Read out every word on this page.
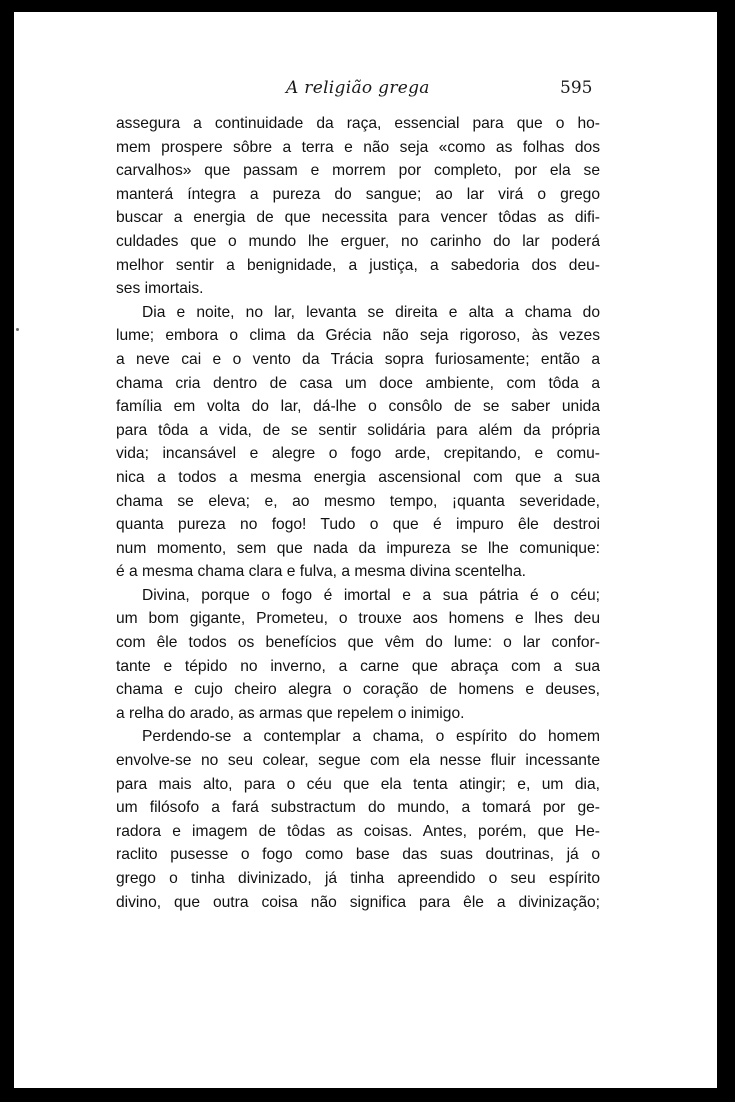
A religião grega	595
assegura a continuidade da raça, essencial para que o ho-
mem prospere sôbre a terra e não seja «como as folhas dos
carvalhos» que passam e morrem por completo, por ela se
manterá íntegra a pureza do sangue; ao lar virá o grego
buscar a energia de que necessita para vencer tôdas as difi-
culdades que o mundo lhe erguer, no carinho do lar poderá
melhor sentir a benignidade, a justiça, a sabedoria dos deu-
ses imortais.
Dia e noite, no lar, levanta se direita e alta a chama do
lume; embora o clima da Grécia não seja rigoroso, às vezes
a neve cai e o vento da Trácia sopra furiosamente; então a
chama cria dentro de casa um doce ambiente, com tôda a
família em volta do lar, dá-lhe o consôlo de se saber unida
para tôda a vida, de se sentir solidária para além da própria
vida; incansável e alegre o fogo arde, crepitando, e comu-
nica a todos a mesma energia ascensional com que a sua
chama se eleva; e, ao mesmo tempo, ¡quanta severidade,
quanta pureza no fogo! Tudo o que é impuro êle destroi
num momento, sem que nada da impureza se lhe comunique:
é a mesma chama clara e fulva, a mesma divina scentelha.
Divina, porque o fogo é imortal e a sua pátria é o céu;
um bom gigante, Prometeu, o trouxe aos homens e lhes deu
com êle todos os benefícios que vêm do lume: o lar confor-
tante e tépido no inverno, a carne que abraça com a sua
chama e cujo cheiro alegra o coração de homens e deuses,
a relha do arado, as armas que repelem o inimigo.
Perdendo-se a contemplar a chama, o espírito do homem
envolve-se no seu colear, segue com ela nesse fluir incessante
para mais alto, para o céu que ela tenta atingir; e, um dia,
um filósofo a fará substractum do mundo, a tomará por ge-
radora e imagem de tôdas as coisas. Antes, porém, que He-
raclito pusesse o fogo como base das suas doutrinas, já o
grego o tinha divinizado, já tinha apreendido o seu espírito
divino, que outra coisa não significa para êle a divinização;
